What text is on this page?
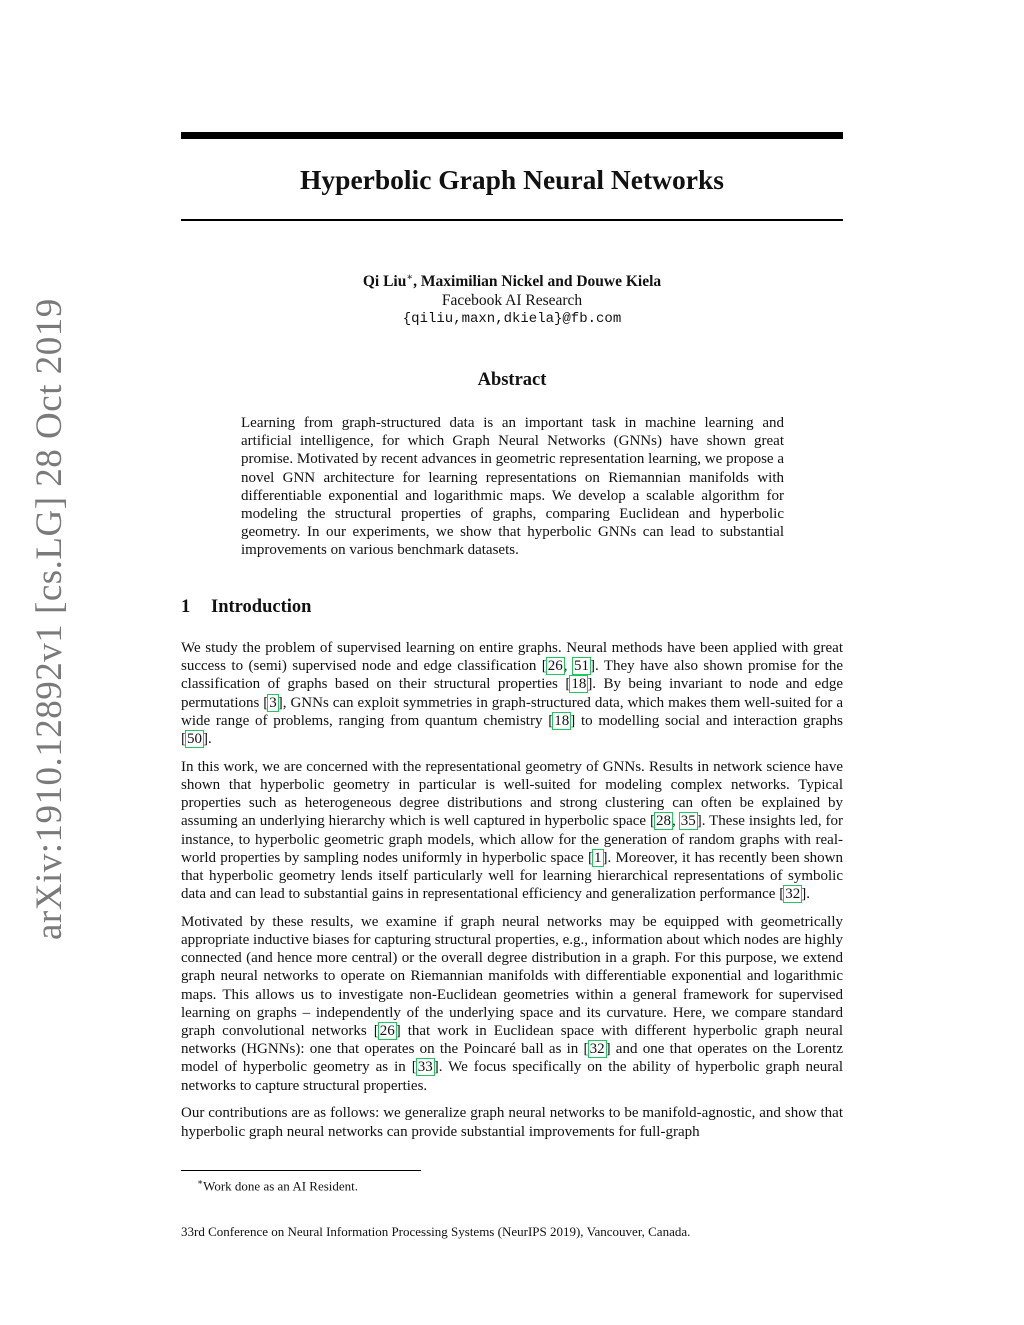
arXiv:1910.12892v1 [cs.LG] 28 Oct 2019
Hyperbolic Graph Neural Networks
Qi Liu∗, Maximilian Nickel and Douwe Kiela
Facebook AI Research
{qiliu,maxn,dkiela}@fb.com
Abstract
Learning from graph-structured data is an important task in machine learning and artificial intelligence, for which Graph Neural Networks (GNNs) have shown great promise. Motivated by recent advances in geometric representation learning, we propose a novel GNN architecture for learning representations on Riemannian manifolds with differentiable exponential and logarithmic maps. We develop a scalable algorithm for modeling the structural properties of graphs, comparing Euclidean and hyperbolic geometry. In our experiments, we show that hyperbolic GNNs can lead to substantial improvements on various benchmark datasets.
1 Introduction

We study the problem of supervised learning on entire graphs. Neural methods have been applied with great success to (semi) supervised node and edge classification [26, 51]. They have also shown promise for the classification of graphs based on their structural properties [18]. By being invariant to node and edge permutations [3], GNNs can exploit symmetries in graph-structured data, which makes them well-suited for a wide range of problems, ranging from quantum chemistry [18] to modelling social and interaction graphs [50].

In this work, we are concerned with the representational geometry of GNNs. Results in network science have shown that hyperbolic geometry in particular is well-suited for modeling complex networks. Typical properties such as heterogeneous degree distributions and strong clustering can often be explained by assuming an underlying hierarchy which is well captured in hyperbolic space [28, 35]. These insights led, for instance, to hyperbolic geometric graph models, which allow for the generation of random graphs with real-world properties by sampling nodes uniformly in hyperbolic space [1]. Moreover, it has recently been shown that hyperbolic geometry lends itself particularly well for learning hierarchical representations of symbolic data and can lead to substantial gains in representational efficiency and generalization performance [32].

Motivated by these results, we examine if graph neural networks may be equipped with geometrically appropriate inductive biases for capturing structural properties, e.g., information about which nodes are highly connected (and hence more central) or the overall degree distribution in a graph. For this purpose, we extend graph neural networks to operate on Riemannian manifolds with differentiable exponential and logarithmic maps. This allows us to investigate non-Euclidean geometries within a general framework for supervised learning on graphs – independently of the underlying space and its curvature. Here, we compare standard graph convolutional networks [26] that work in Euclidean space with different hyperbolic graph neural networks (HGNNs): one that operates on the Poincaré ball as in [32] and one that operates on the Lorentz model of hyperbolic geometry as in [33]. We focus specifically on the ability of hyperbolic graph neural networks to capture structural properties.

Our contributions are as follows: we generalize graph neural networks to be manifold-agnostic, and show that hyperbolic graph neural networks can provide substantial improvements for full-graph

∗Work done as an AI Resident.
33rd Conference on Neural Information Processing Systems (NeurIPS 2019), Vancouver, Canada.
